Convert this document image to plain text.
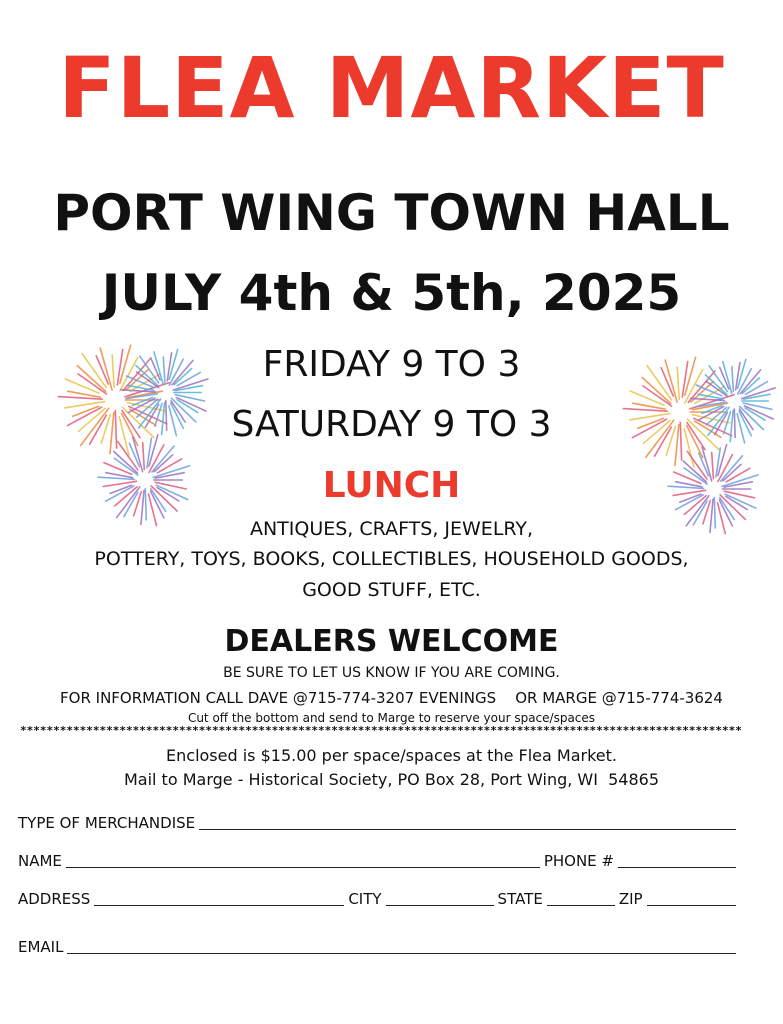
FLEA MARKET
PORT WING TOWN HALL
JULY 4th & 5th, 2025
FRIDAY 9 TO 3
SATURDAY 9 TO 3
LUNCH
ANTIQUES, CRAFTS, JEWELRY,
POTTERY, TOYS, BOOKS, COLLECTIBLES, HOUSEHOLD GOODS,
GOOD STUFF, ETC.
DEALERS WELCOME
BE SURE TO LET US KNOW IF YOU ARE COMING.
FOR INFORMATION CALL DAVE @715-774-3207 EVENINGS    OR MARGE @715-774-3624
Cut off the bottom and send to Marge to reserve your space/spaces
*************************************************************************************************************
Enclosed is $15.00 per space/spaces at the Flea Market.
Mail to Marge - Historical Society, PO Box 28, Port Wing, WI  54865
TYPE OF MERCHANDISE
NAME	PHONE #
ADDRESS	CITY	STATE	ZIP
EMAIL
